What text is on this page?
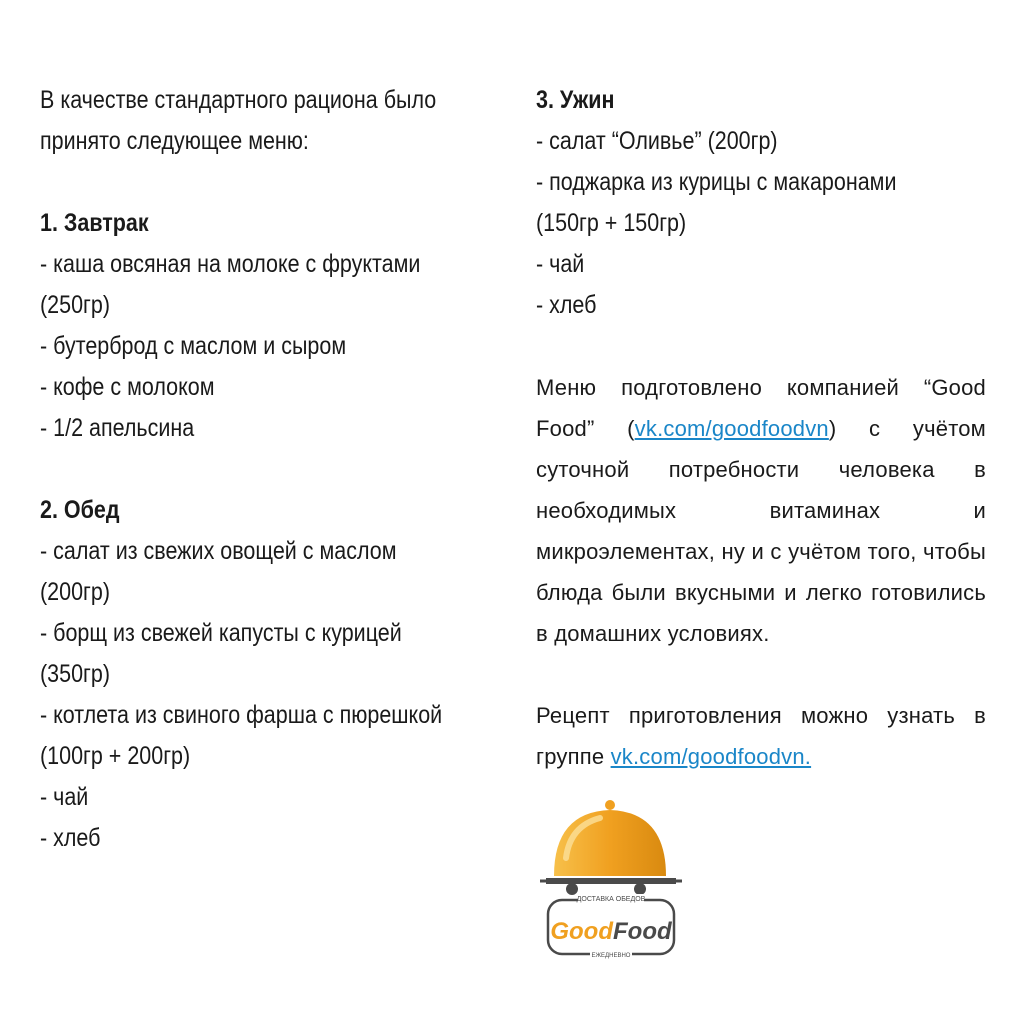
В качестве стандартного рациона было

принято следующее меню:

1. Завтрак

- каша овсяная на молоке с фруктами

(250гр)

- бутерброд с маслом и сыром

- кофе с молоком

- 1/2 апельсина

2. Обед

- салат из свежих овощей с маслом

(200гр)

- борщ из свежей капусты с курицей

(350гр)

- котлета из свиного фарша с пюрешкой

(100гр + 200гр)

- чай

- хлеб

3. Ужин

- салат “Оливье” (200гр)

- поджарка из курицы с макаронами

(150гр + 150гр)

- чай

- хлеб

Меню подготовлено компанией “Good Food” (vk.com/goodfoodvn) с учётом суточной потребности человека в необходимых витаминах и микроэлементах, ну и с учётом того, чтобы блюда были вкусными и легко готовились в домашних условиях.

Рецепт приготовления можно узнать в группе vk.com/goodfoodvn.

ДОСТАВКА ОБЕДОВ
GoodFood
ЕЖЕДНЕВНО
